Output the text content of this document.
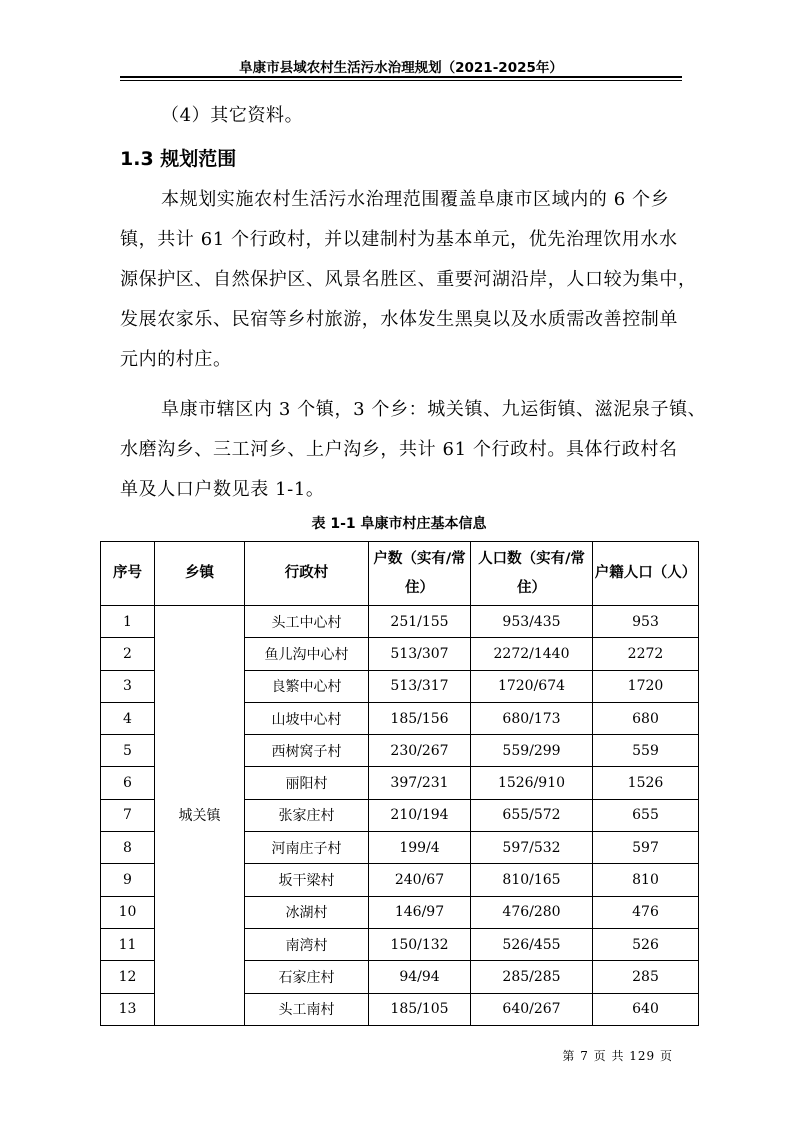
阜康市县域农村生活污水治理规划（2021-2025年）
（4）其它资料。
1.3 规划范围
本规划实施农村生活污水治理范围覆盖阜康市区域内的 6 个乡
镇，共计 61 个行政村，并以建制村为基本单元，优先治理饮用水水
源保护区、自然保护区、风景名胜区、重要河湖沿岸，人口较为集中，
发展农家乐、民宿等乡村旅游，水体发生黑臭以及水质需改善控制单
元内的村庄。
阜康市辖区内 3 个镇，3 个乡：城关镇、九运街镇、滋泥泉子镇、
水磨沟乡、三工河乡、上户沟乡，共计 61 个行政村。具体行政村名
单及人口户数见表 1-1。
表 1-1 阜康市村庄基本信息
序号	乡镇	行政村	户数（实有/常住）	人口数（实有/常住）	户籍人口（人）
1	城关镇	头工中心村	251/155	953/435	953
2		鱼儿沟中心村	513/307	2272/1440	2272
3		良繁中心村	513/317	1720/674	1720
4		山坡中心村	185/156	680/173	680
5		西树窝子村	230/267	559/299	559
6		丽阳村	397/231	1526/910	1526
7		张家庄村	210/194	655/572	655
8		河南庄子村	199/4	597/532	597
9		坂干梁村	240/67	810/165	810
10		冰湖村	146/97	476/280	476
11		南湾村	150/132	526/455	526
12		石家庄村	94/94	285/285	285
13		头工南村	185/105	640/267	640
第 7 页 共 129 页
